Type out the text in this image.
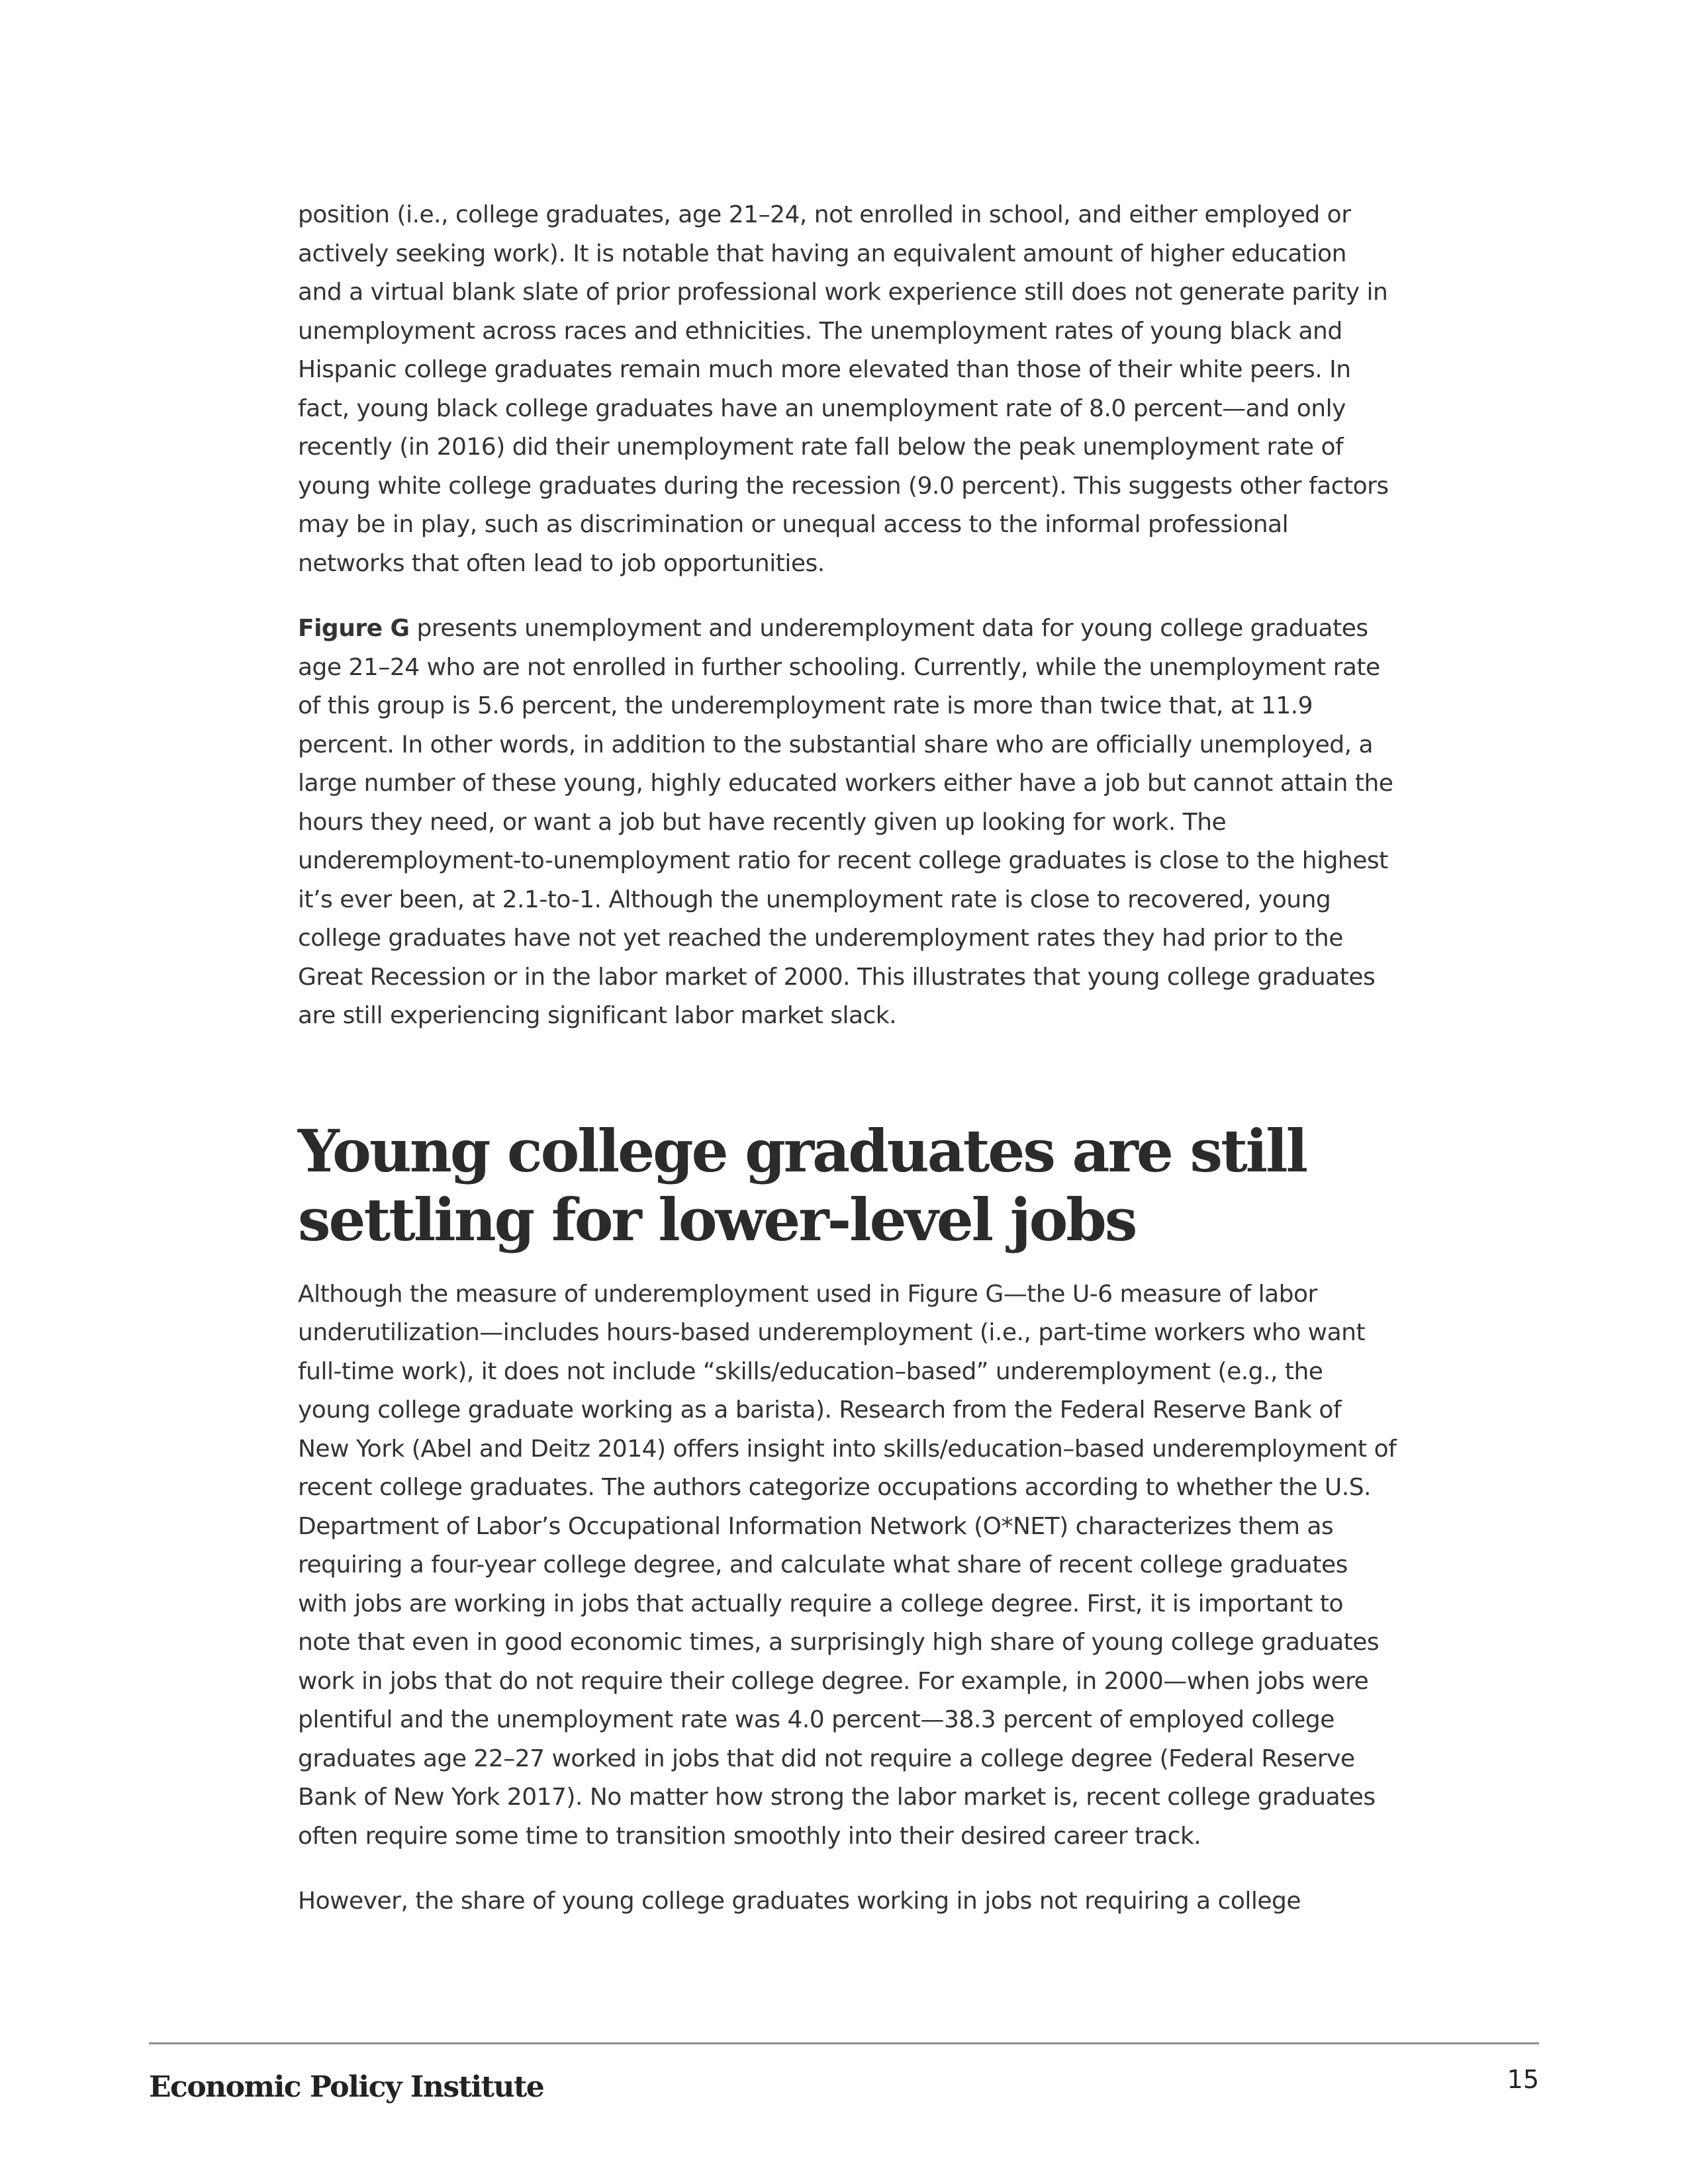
position (i.e., college graduates, age 21–24, not enrolled in school, and either employed or actively seeking work). It is notable that having an equivalent amount of higher education and a virtual blank slate of prior professional work experience still does not generate parity in unemployment across races and ethnicities. The unemployment rates of young black and Hispanic college graduates remain much more elevated than those of their white peers. In fact, young black college graduates have an unemployment rate of 8.0 percent—and only recently (in 2016) did their unemployment rate fall below the peak unemployment rate of young white college graduates during the recession (9.0 percent). This suggests other factors may be in play, such as discrimination or unequal access to the informal professional networks that often lead to job opportunities.

Figure G presents unemployment and underemployment data for young college graduates age 21–24 who are not enrolled in further schooling. Currently, while the unemployment rate of this group is 5.6 percent, the underemployment rate is more than twice that, at 11.9 percent. In other words, in addition to the substantial share who are officially unemployed, a large number of these young, highly educated workers either have a job but cannot attain the hours they need, or want a job but have recently given up looking for work. The underemployment-to-unemployment ratio for recent college graduates is close to the highest it’s ever been, at 2.1-to-1. Although the unemployment rate is close to recovered, young college graduates have not yet reached the underemployment rates they had prior to the Great Recession or in the labor market of 2000. This illustrates that young college graduates are still experiencing significant labor market slack.

Young college graduates are still settling for lower-level jobs

Although the measure of underemployment used in Figure G—the U-6 measure of labor underutilization—includes hours-based underemployment (i.e., part-time workers who want full-time work), it does not include “skills/education–based” underemployment (e.g., the young college graduate working as a barista). Research from the Federal Reserve Bank of New York (Abel and Deitz 2014) offers insight into skills/education–based underemployment of recent college graduates. The authors categorize occupations according to whether the U.S. Department of Labor’s Occupational Information Network (O*NET) characterizes them as requiring a four-year college degree, and calculate what share of recent college graduates with jobs are working in jobs that actually require a college degree. First, it is important to note that even in good economic times, a surprisingly high share of young college graduates work in jobs that do not require their college degree. For example, in 2000—when jobs were plentiful and the unemployment rate was 4.0 percent—38.3 percent of employed college graduates age 22–27 worked in jobs that did not require a college degree (Federal Reserve Bank of New York 2017). No matter how strong the labor market is, recent college graduates often require some time to transition smoothly into their desired career track.

However, the share of young college graduates working in jobs not requiring a college

Economic Policy Institute	15
